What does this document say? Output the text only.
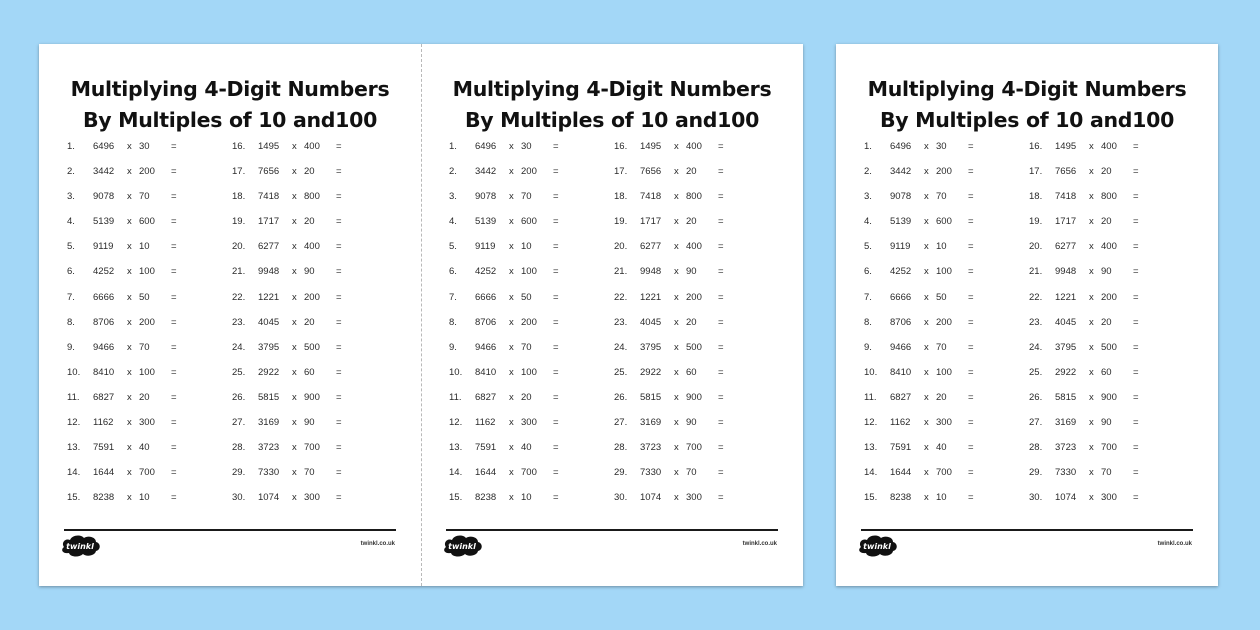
Multiplying 4-Digit Numbers
By Multiples of 10 and100
1. 6496 x 30 =
2. 3442 x 200 =
3. 9078 x 70 =
4. 5139 x 600 =
5. 9119 x 10 =
6. 4252 x 100 =
7. 6666 x 50 =
8. 8706 x 200 =
9. 9466 x 70 =
10. 8410 x 100 =
11. 6827 x 20 =
12. 1162 x 300 =
13. 7591 x 40 =
14. 1644 x 700 =
15. 8238 x 10 =
16. 1495 x 400 =
17. 7656 x 20 =
18. 7418 x 800 =
19. 1717 x 20 =
20. 6277 x 400 =
21. 9948 x 90 =
22. 1221 x 200 =
23. 4045 x 20 =
24. 3795 x 500 =
25. 2922 x 60 =
26. 5815 x 900 =
27. 3169 x 90 =
28. 3723 x 700 =
29. 7330 x 70 =
30. 1074 x 300 =
twinkl	twinkl.co.uk
Multiplying 4-Digit Numbers
By Multiples of 10 and100
1. 6496 x 30 =
2. 3442 x 200 =
3. 9078 x 70 =
4. 5139 x 600 =
5. 9119 x 10 =
6. 4252 x 100 =
7. 6666 x 50 =
8. 8706 x 200 =
9. 9466 x 70 =
10. 8410 x 100 =
11. 6827 x 20 =
12. 1162 x 300 =
13. 7591 x 40 =
14. 1644 x 700 =
15. 8238 x 10 =
16. 1495 x 400 =
17. 7656 x 20 =
18. 7418 x 800 =
19. 1717 x 20 =
20. 6277 x 400 =
21. 9948 x 90 =
22. 1221 x 200 =
23. 4045 x 20 =
24. 3795 x 500 =
25. 2922 x 60 =
26. 5815 x 900 =
27. 3169 x 90 =
28. 3723 x 700 =
29. 7330 x 70 =
30. 1074 x 300 =
twinkl	twinkl.co.uk
Multiplying 4-Digit Numbers
By Multiples of 10 and100
1. 6496 x 30 =
2. 3442 x 200 =
3. 9078 x 70 =
4. 5139 x 600 =
5. 9119 x 10 =
6. 4252 x 100 =
7. 6666 x 50 =
8. 8706 x 200 =
9. 9466 x 70 =
10. 8410 x 100 =
11. 6827 x 20 =
12. 1162 x 300 =
13. 7591 x 40 =
14. 1644 x 700 =
15. 8238 x 10 =
16. 1495 x 400 =
17. 7656 x 20 =
18. 7418 x 800 =
19. 1717 x 20 =
20. 6277 x 400 =
21. 9948 x 90 =
22. 1221 x 200 =
23. 4045 x 20 =
24. 3795 x 500 =
25. 2922 x 60 =
26. 5815 x 900 =
27. 3169 x 90 =
28. 3723 x 700 =
29. 7330 x 70 =
30. 1074 x 300 =
twinkl	twinkl.co.uk
